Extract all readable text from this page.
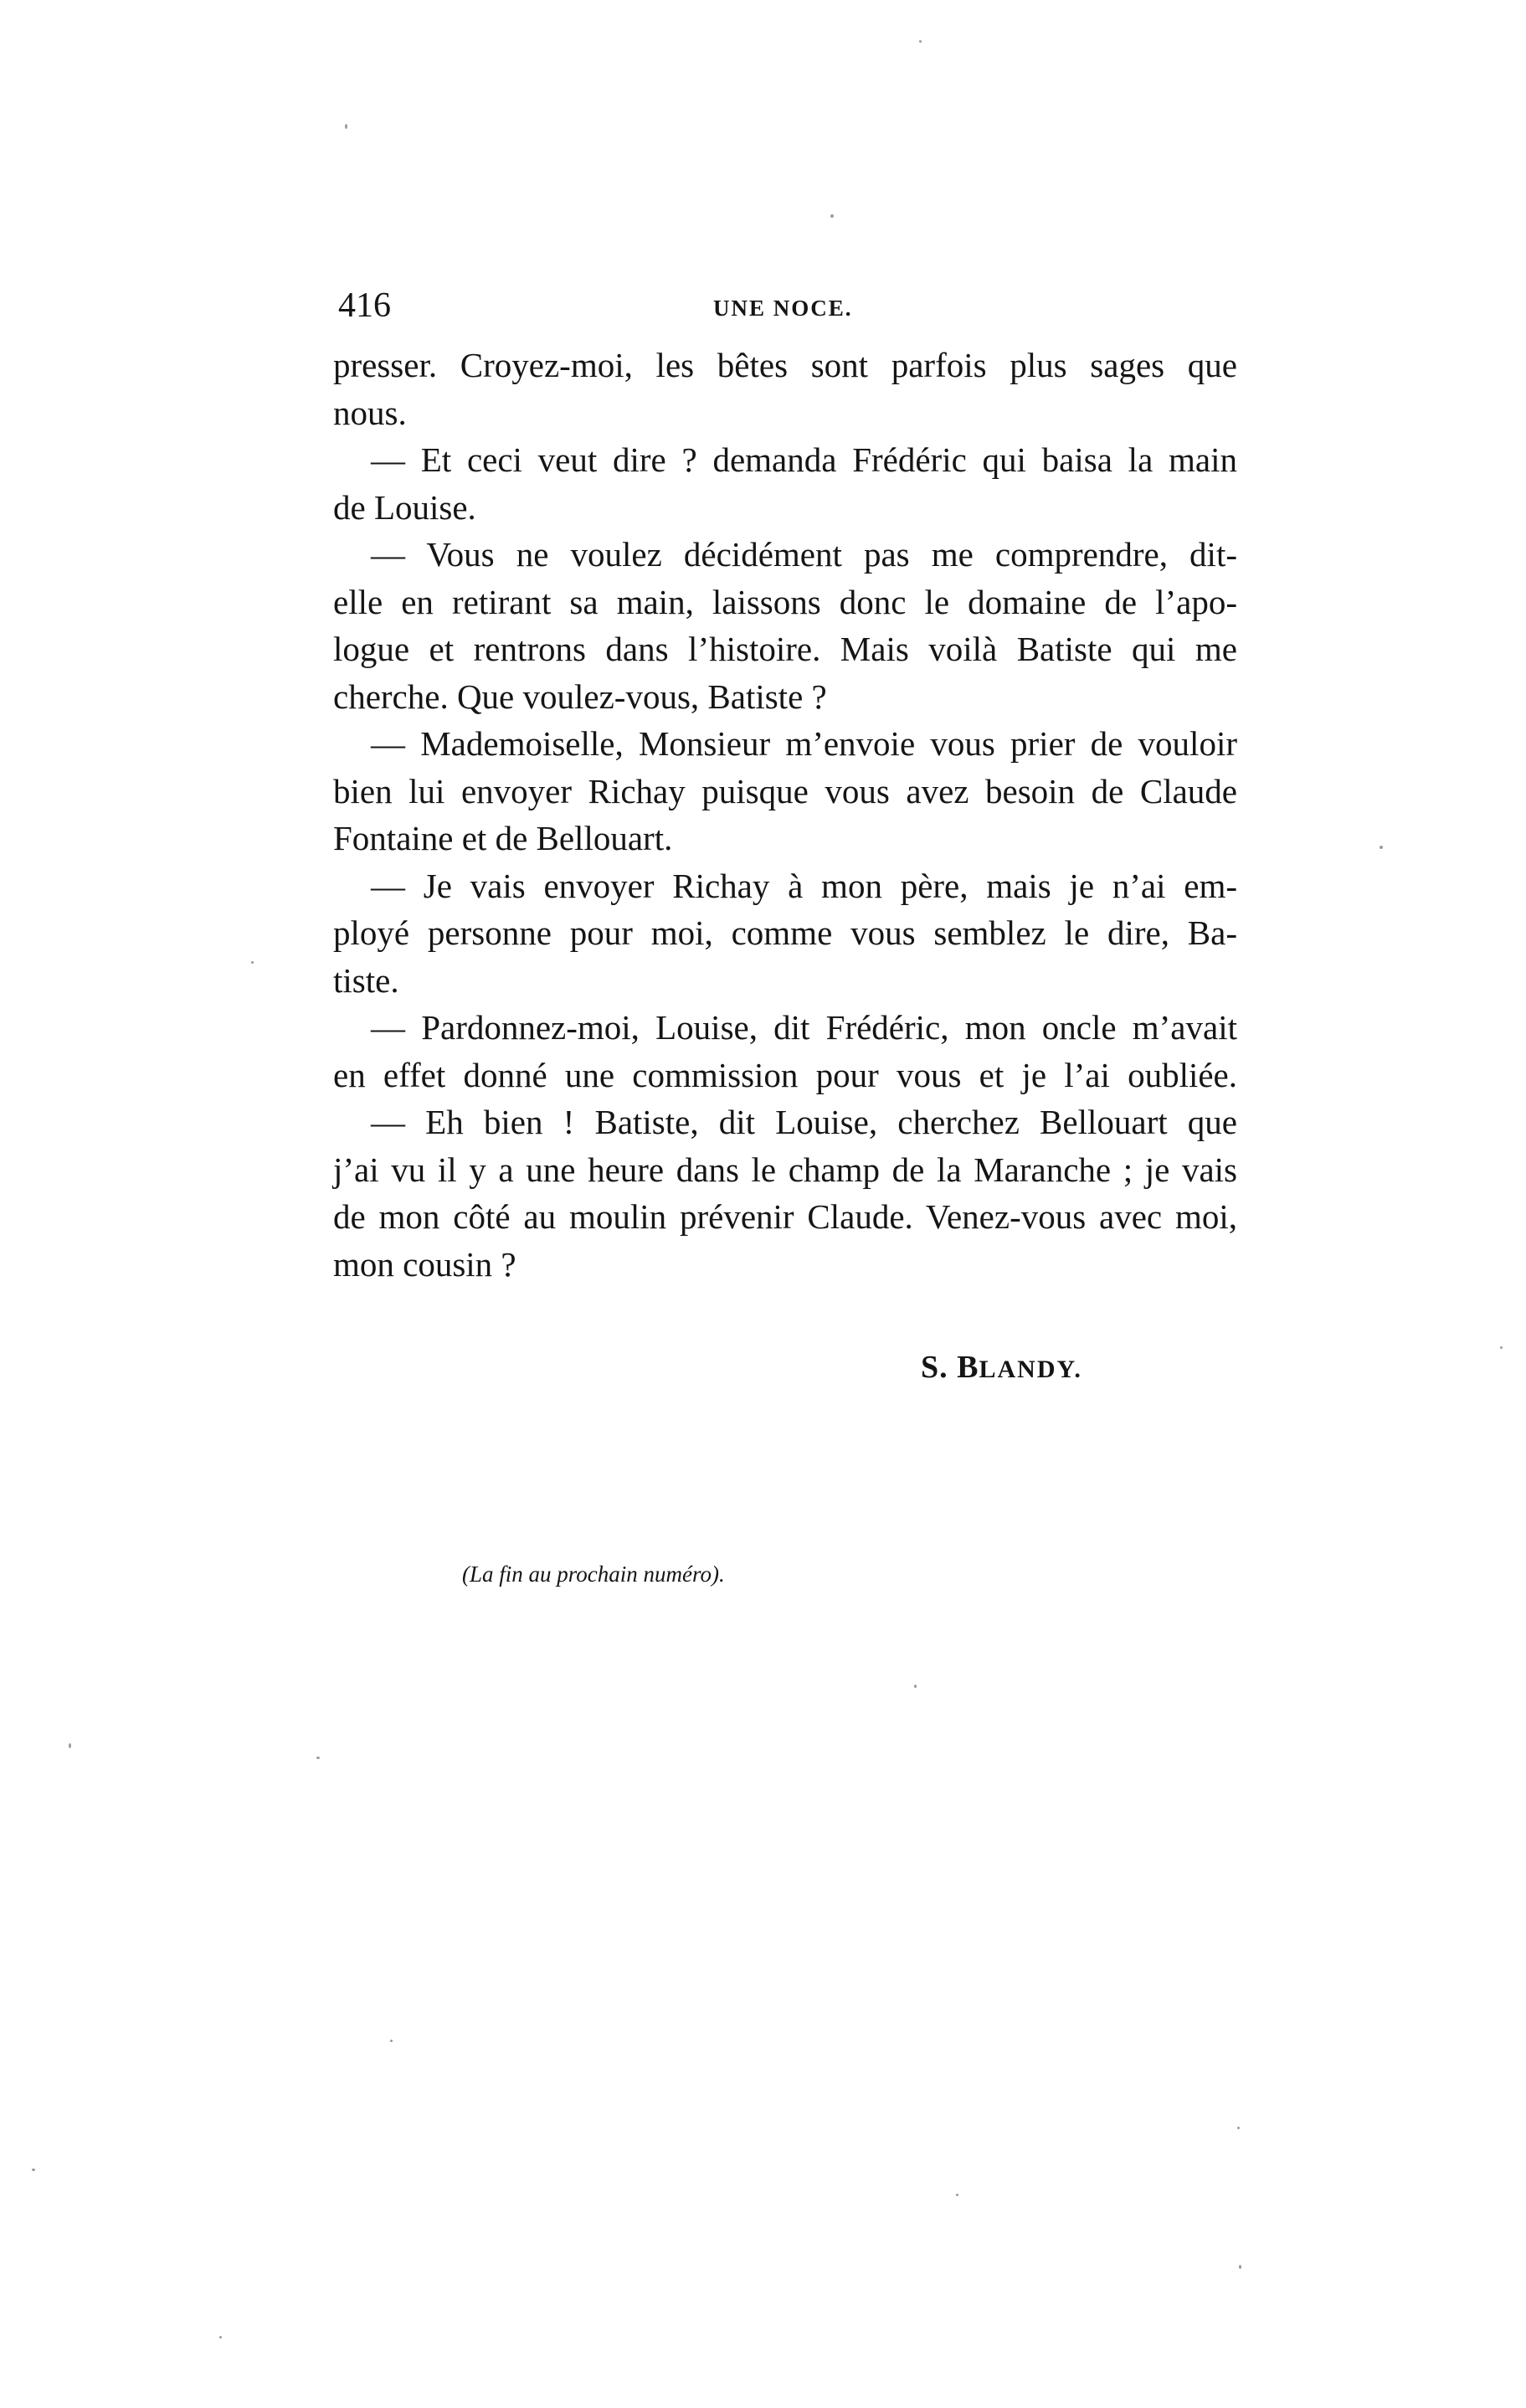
416	UNE NOCE.
presser. Croyez-moi, les bêtes sont parfois plus sages que
nous.
— Et ceci veut dire ? demanda Frédéric qui baisa la main
de Louise.
— Vous ne voulez décidément pas me comprendre, dit-
elle en retirant sa main, laissons donc le domaine de l’apo-
logue et rentrons dans l’histoire. Mais voilà Batiste qui me
cherche. Que voulez-vous, Batiste ?
— Mademoiselle, Monsieur m’envoie vous prier de vouloir
bien lui envoyer Richay puisque vous avez besoin de Claude
Fontaine et de Bellouart.
— Je vais envoyer Richay à mon père, mais je n’ai em-
ployé personne pour moi, comme vous semblez le dire, Ba-
tiste.
— Pardonnez-moi, Louise, dit Frédéric, mon oncle m’avait
en effet donné une commission pour vous et je l’ai oubliée.
— Eh bien ! Batiste, dit Louise, cherchez Bellouart que
j’ai vu il y a une heure dans le champ de la Maranche ; je vais
de mon côté au moulin prévenir Claude. Venez-vous avec moi,
mon cousin ?
S. BLANDY.
(La fin au prochain numéro).
